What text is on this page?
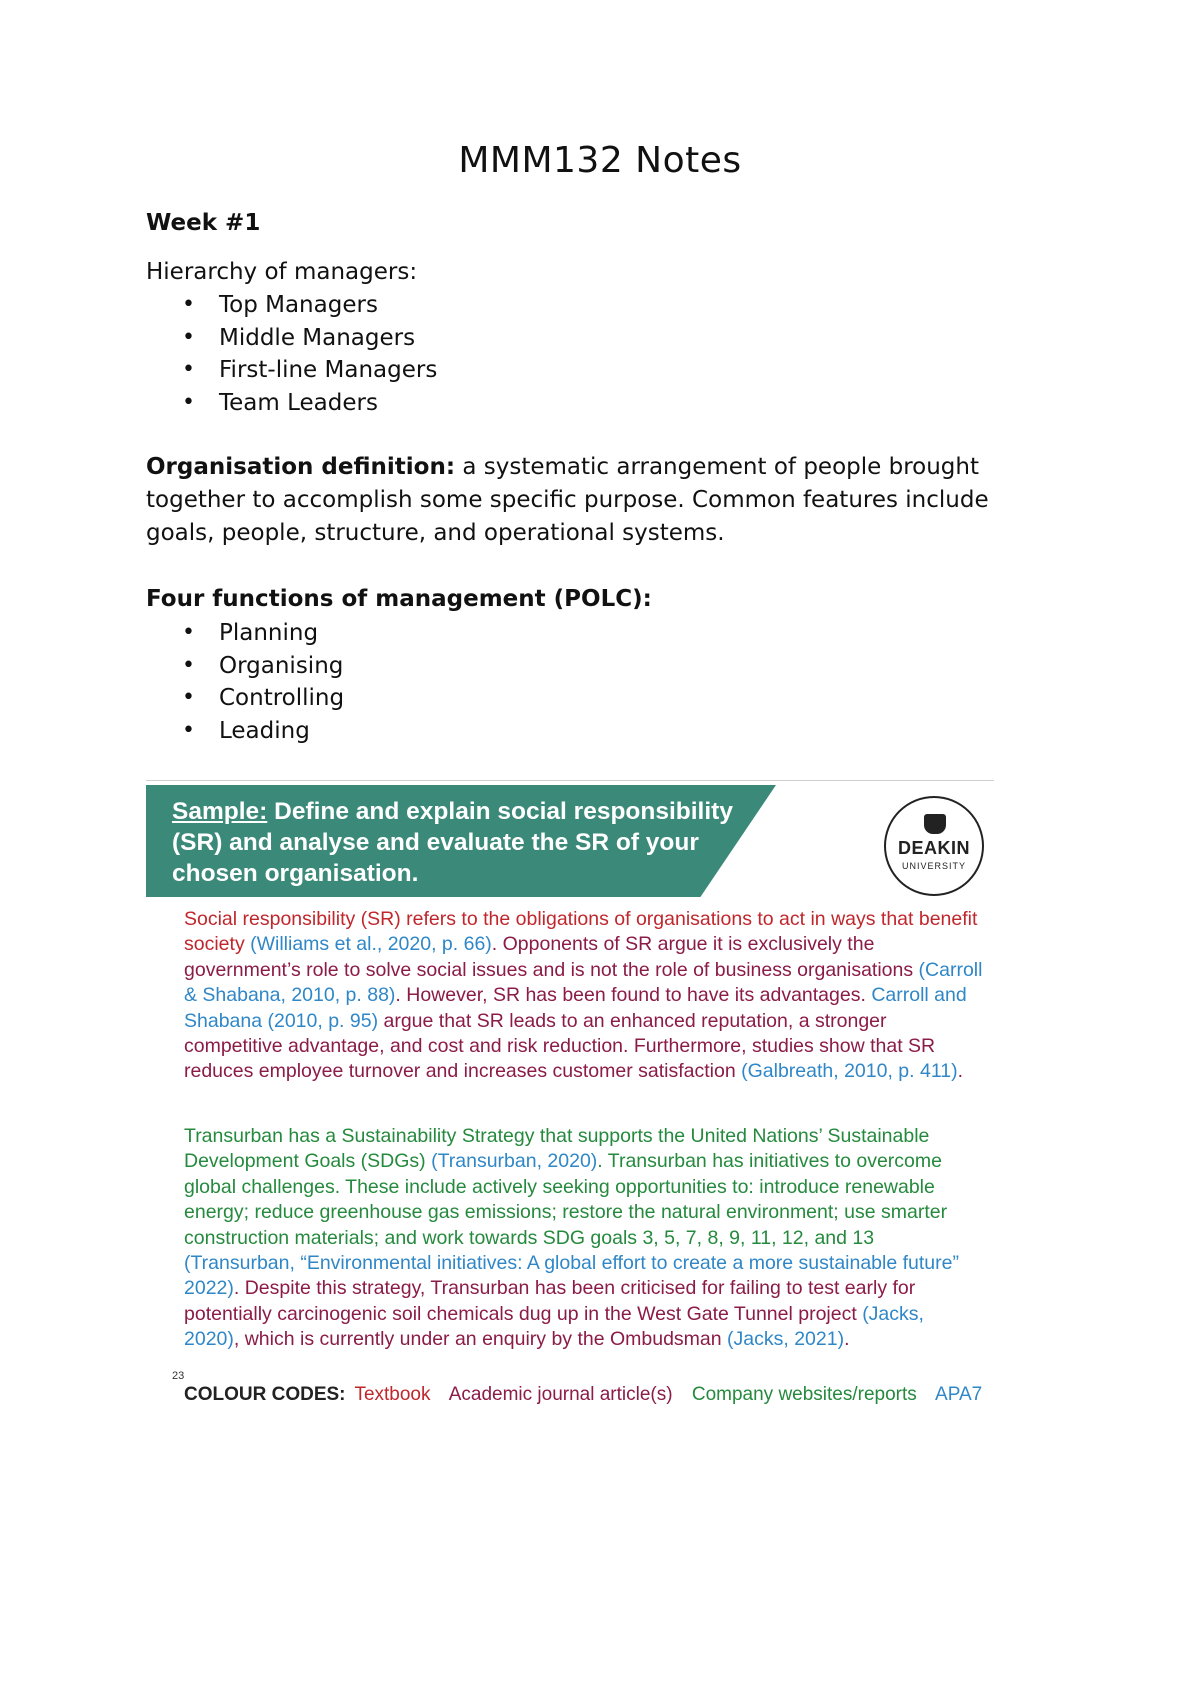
MMM132 Notes

Week #1

Hierarchy of managers:

• Top Managers
• Middle Managers
• First-line Managers
• Team Leaders

Organisation definition: a systematic arrangement of people brought together to accomplish some specific purpose. Common features include goals, people, structure, and operational systems.

Four functions of management (POLC):

• Planning
• Organising
• Controlling
• Leading

Sample: Define and explain social responsibility (SR) and analyse and evaluate the SR of your chosen organisation.

DEAKIN
UNIVERSITY

Social responsibility (SR) refers to the obligations of organisations to act in ways that benefit society (Williams et al., 2020, p. 66). Opponents of SR argue it is exclusively the government’s role to solve social issues and is not the role of business organisations (Carroll & Shabana, 2010, p. 88). However, SR has been found to have its advantages. Carroll and Shabana (2010, p. 95) argue that SR leads to an enhanced reputation, a stronger competitive advantage, and cost and risk reduction. Furthermore, studies show that SR reduces employee turnover and increases customer satisfaction (Galbreath, 2010, p. 411).

Transurban has a Sustainability Strategy that supports the United Nations’ Sustainable Development Goals (SDGs) (Transurban, 2020). Transurban has initiatives to overcome global challenges. These include actively seeking opportunities to: introduce renewable energy; reduce greenhouse gas emissions; restore the natural environment; use smarter construction materials; and work towards SDG goals 3, 5, 7, 8, 9, 11, 12, and 13 (Transurban, “Environmental initiatives: A global effort to create a more sustainable future” 2022). Despite this strategy, Transurban has been criticised for failing to test early for potentially carcinogenic soil chemicals dug up in the West Gate Tunnel project (Jacks, 2020), which is currently under an enquiry by the Ombudsman (Jacks, 2021).

23
COLOUR CODES: Textbook Academic journal article(s) Company websites/reports APA7
